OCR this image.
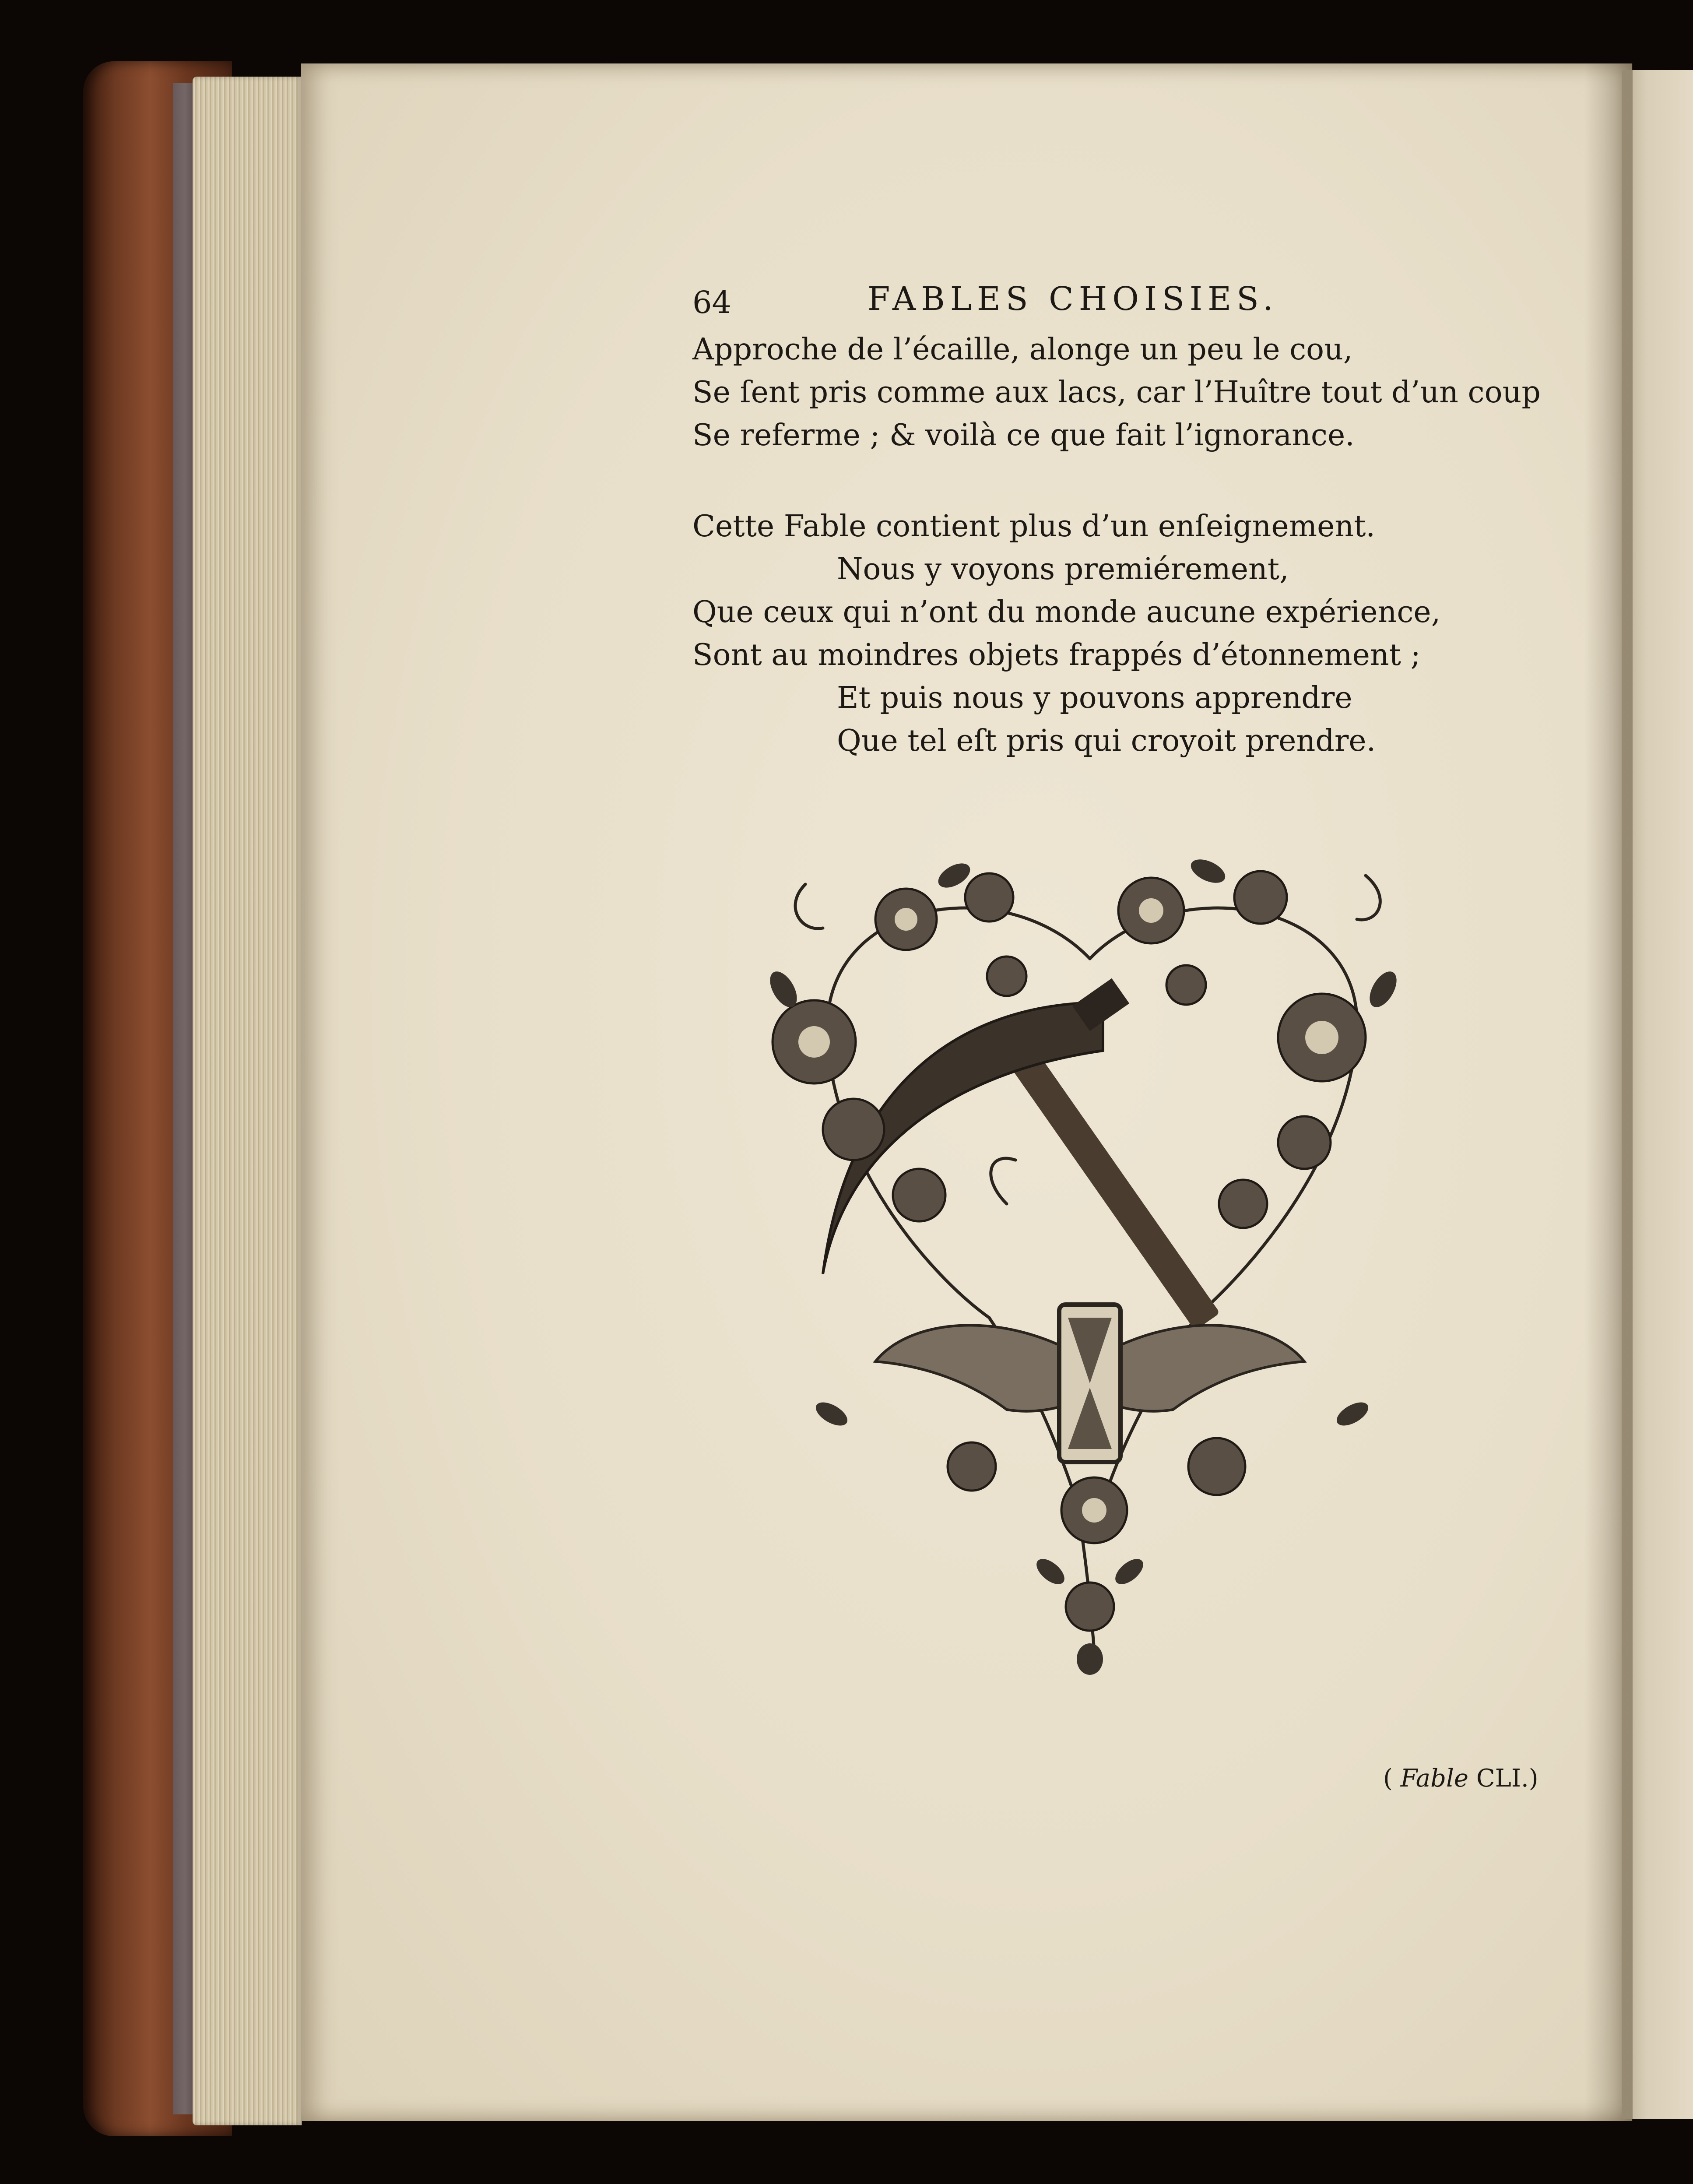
64	FABLES CHOISIES.

Approche de l’écaille, alonge un peu le cou,

Se ſent pris comme aux lacs, car l’Huître tout d’un coup

Se referme ; & voilà ce que fait l’ignorance.

Cette Fable contient plus d’un enſeignement.

Nous y voyons premiérement,

Que ceux qui n’ont du monde aucune expérience,

Sont au moindres objets frappés d’étonnement ;

Et puis nous y pouvons apprendre

Que tel eſt pris qui croyoit prendre.

( Fable CLI.)
